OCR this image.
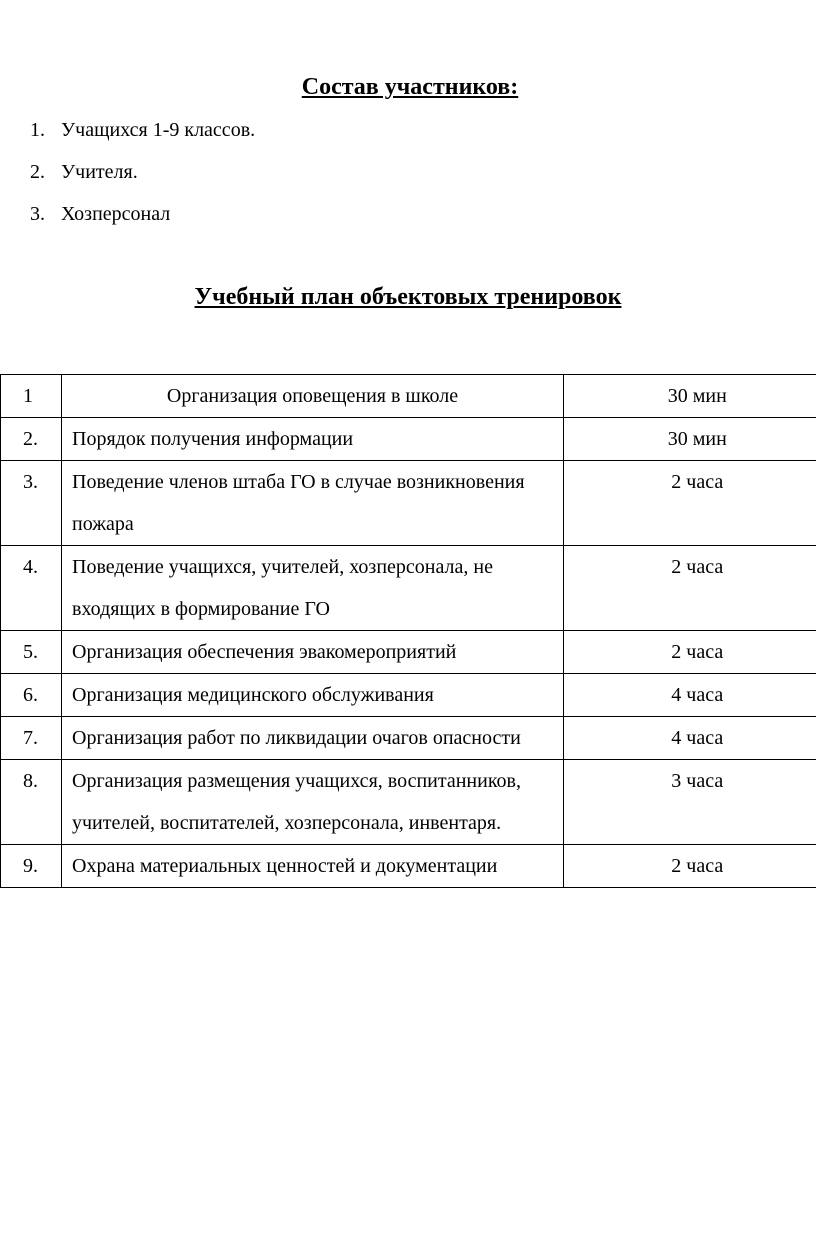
Состав участников:
1. Учащихся 1-9 классов.
2. Учителя.
3. Хозперсонал
Учебный план объектовых тренировок
1	Организация оповещения в школе	30 мин
2.	Порядок получения информации	30 мин
3.	Поведение членов штаба ГО в случае возникновения пожара	2 часа
4.	Поведение учащихся, учителей, хозперсонала, не входящих в формирование ГО	2 часа
5.	Организация обеспечения эвакомероприятий	2 часа
6.	Организация медицинского обслуживания	4 часа
7.	Организация работ по ликвидации очагов опасности	4 часа
8.	Организация размещения учащихся, воспитанников, учителей, воспитателей, хозперсонала, инвентаря.	3 часа
9.	Охрана материальных ценностей и документации	2 часа
